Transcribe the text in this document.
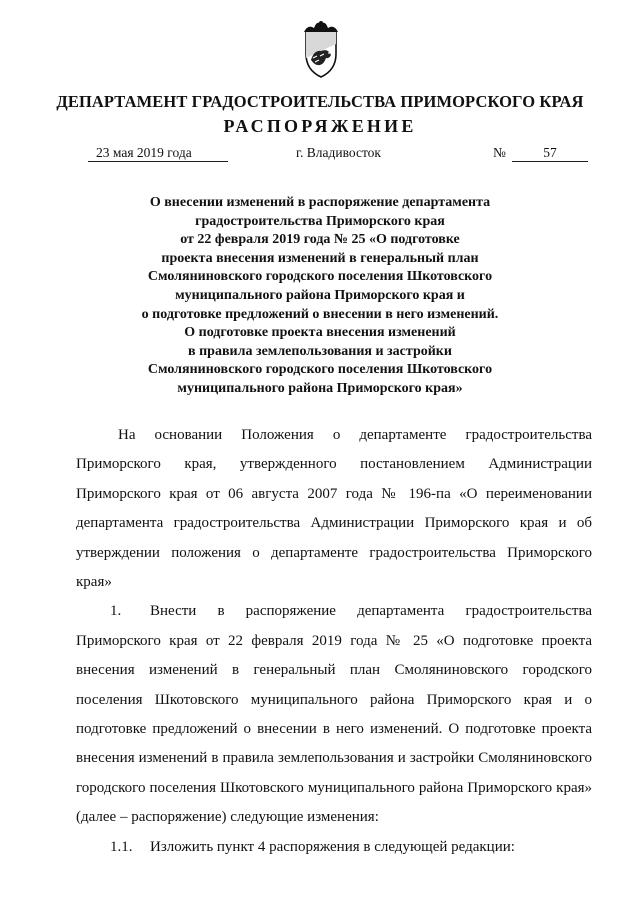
ДЕПАРТАМЕНТ ГРАДОСТРОИТЕЛЬСТВА ПРИМОРСКОГО КРАЯ
РАСПОРЯЖЕНИЕ
23 мая 2019 года	г. Владивосток	№	57
О внесении изменений в распоряжение департамента
градостроительства Приморского края
от 22 февраля 2019 года № 25 «О подготовке
проекта внесения изменений в генеральный план
Смоляниновского городского поселения Шкотовского
муниципального района Приморского края и
о подготовке предложений о внесении в него изменений.
О подготовке проекта внесения изменений
в правила землепользования и застройки
Смоляниновского городского поселения Шкотовского
муниципального района Приморского края»

На основании Положения о департаменте градостроительства Приморского края, утвержденного постановлением Администрации Приморского края от 06 августа 2007 года № 196-па «О переименовании департамента градостроительства Администрации Приморского края и об утверждении положения о департаменте градостроительства Приморского края»

1. Внести в распоряжение департамента градостроительства Приморского края от 22 февраля 2019 года № 25 «О подготовке проекта внесения изменений в генеральный план Смоляниновского городского поселения Шкотовского муниципального района Приморского края и о подготовке предложений о внесении в него изменений. О подготовке проекта внесения изменений в правила землепользования и застройки Смоляниновского городского поселения Шкотовского муниципального района Приморского края» (далее – распоряжение) следующие изменения:

1.1. Изложить пункт 4 распоряжения в следующей редакции:
